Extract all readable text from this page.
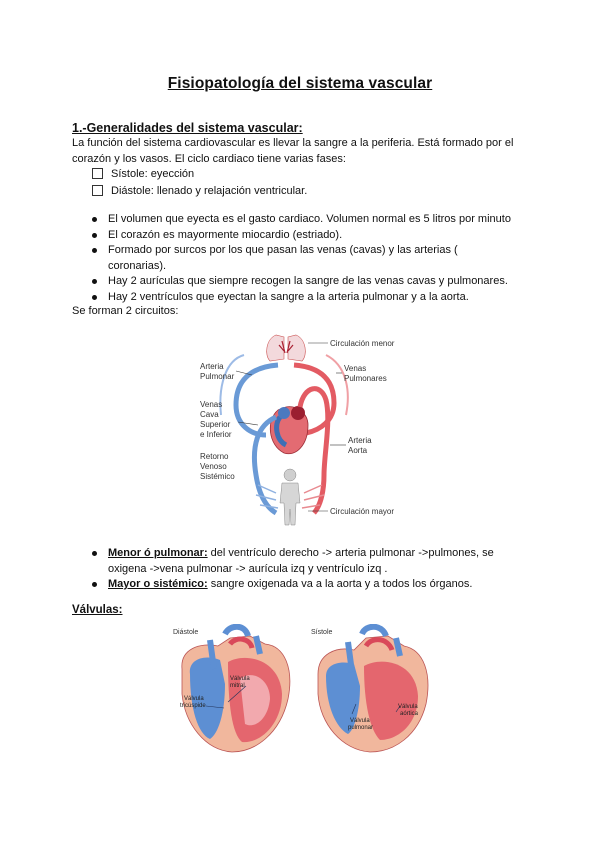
Fisiopatología del sistema vascular
1.-Generalidades del sistema vascular:
La función del sistema cardiovascular es llevar la sangre a la periferia. Está formado por el corazón y los vasos. El ciclo cardiaco tiene varias fases:
Sístole: eyección
Diástole: llenado y relajación ventricular.
El volumen que eyecta es el gasto cardiaco. Volumen normal es 5 litros por minuto
El corazón es mayormente miocardio (estriado).
Formado por surcos por los que pasan las venas (cavas) y las arterias ( coronarias).
Hay 2 aurículas que siempre recogen la sangre de las venas cavas y pulmonares.
Hay 2 ventrículos que eyectan la sangre a la arteria pulmonar y a la aorta.
Se forman 2 circuitos:
Circulación menor
Venas
Pulmonares
Arteria
Pulmonar
Venas
Cava
Superior
e Inferior
Arteria
Aorta
Retorno
Venoso
Sistémico
Circulación mayor
Menor ó pulmonar: del ventrículo derecho -> arteria pulmonar ->pulmones, se oxigena ->vena pulmonar -> aurícula izq y ventrículo izq .
Mayor o sistémico: sangre oxigenada va a la aorta y a todos los órganos.
Válvulas:
Diástole
Válvula
mitral
Válvula
tricúspide
Sístole
Válvula
aórtica
Válvula
pulmonar
